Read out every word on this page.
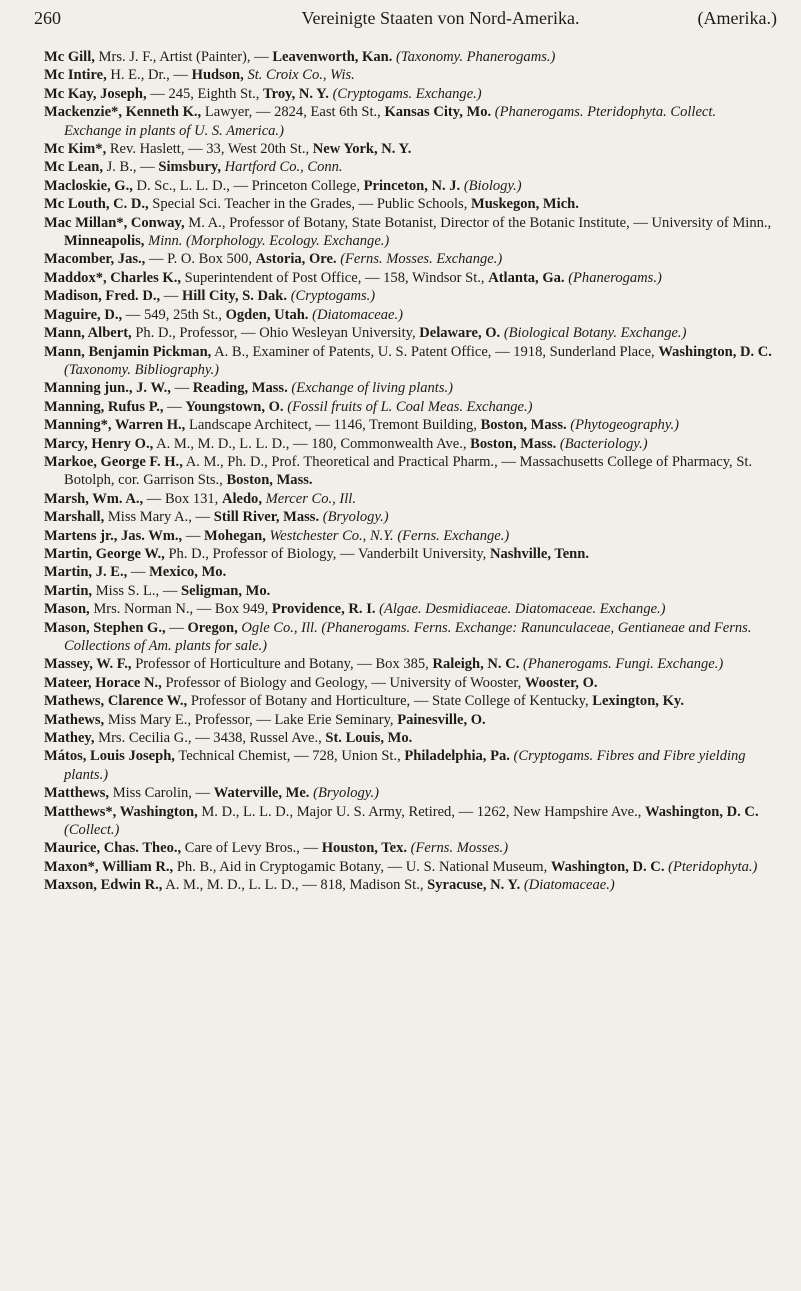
260	Vereinigte Staaten von Nord-Amerika.	(Amerika.)
Mc Gill, Mrs. J. F., Artist (Painter), — Leavenworth, Kan. (Taxonomy. Phanerogams.)
Mc Intire, H. E., Dr., — Hudson, St. Croix Co., Wis.
Mc Kay, Joseph, — 245, Eighth St., Troy, N. Y. (Cryptogams. Exchange.)
Mackenzie*, Kenneth K., Lawyer, — 2824, East 6th St., Kansas City, Mo. (Phanerogams. Pteridophyta. Collect. Exchange in plants of U. S. America.)
Mc Kim*, Rev. Haslett, — 33, West 20th St., New York, N. Y.
Mc Lean, J. B., — Simsbury, Hartford Co., Conn.
Macloskie, G., D. Sc., L. L. D., — Princeton College, Princeton, N. J. (Biology.)
Mc Louth, C. D., Special Sci. Teacher in the Grades, — Public Schools, Muskegon, Mich.
Mac Millan*, Conway, M. A., Professor of Botany, State Botanist, Director of the Botanic Institute, — University of Minn., Minneapolis, Minn. (Morphology. Ecology. Exchange.)
Macomber, Jas., — P. O. Box 500, Astoria, Ore. (Ferns. Mosses. Exchange.)
Maddox*, Charles K., Superintendent of Post Office, — 158, Windsor St., Atlanta, Ga. (Phanerogams.)
Madison, Fred. D., — Hill City, S. Dak. (Cryptogams.)
Maguire, D., — 549, 25th St., Ogden, Utah. (Diatomaceae.)
Mann, Albert, Ph. D., Professor, — Ohio Wesleyan University, Delaware, O. (Biological Botany. Exchange.)
Mann, Benjamin Pickman, A. B., Examiner of Patents, U. S. Patent Office, — 1918, Sunderland Place, Washington, D. C. (Taxonomy. Bibliography.)
Manning jun., J. W., — Reading, Mass. (Exchange of living plants.)
Manning, Rufus P., — Youngstown, O. (Fossil fruits of L. Coal Meas. Exchange.)
Manning*, Warren H., Landscape Architect, — 1146, Tremont Building, Boston, Mass. (Phytogeography.)
Marcy, Henry O., A. M., M. D., L. L. D., — 180, Commonwealth Ave., Boston, Mass. (Bacteriology.)
Markoe, George F. H., A. M., Ph. D., Prof. Theoretical and Practical Pharm., — Massachusetts College of Pharmacy, St. Botolph, cor. Garrison Sts., Boston, Mass.
Marsh, Wm. A., — Box 131, Aledo, Mercer Co., Ill.
Marshall, Miss Mary A., — Still River, Mass. (Bryology.)
Martens jr., Jas. Wm., — Mohegan, Westchester Co., N.Y. (Ferns. Exchange.)
Martin, George W., Ph. D., Professor of Biology, — Vanderbilt University, Nashville, Tenn.
Martin, J. E., — Mexico, Mo.
Martin, Miss S. L., — Seligman, Mo.
Mason, Mrs. Norman N., — Box 949, Providence, R. I. (Algae. Desmidiaceae. Diatomaceae. Exchange.)
Mason, Stephen G., — Oregon, Ogle Co., Ill. (Phanerogams. Ferns. Exchange: Ranunculaceae, Gentianeae and Ferns. Collections of Am. plants for sale.)
Massey, W. F., Professor of Horticulture and Botany, — Box 385, Raleigh, N. C. (Phanerogams. Fungi. Exchange.)
Mateer, Horace N., Professor of Biology and Geology, — University of Wooster, Wooster, O.
Mathews, Clarence W., Professor of Botany and Horticulture, — State College of Kentucky, Lexington, Ky.
Mathews, Miss Mary E., Professor, — Lake Erie Seminary, Painesville, O.
Mathey, Mrs. Cecilia G., — 3438, Russel Ave., St. Louis, Mo.
Mátos, Louis Joseph, Technical Chemist, — 728, Union St., Philadelphia, Pa. (Cryptogams. Fibres and Fibre yielding plants.)
Matthews, Miss Carolin, — Waterville, Me. (Bryology.)
Matthews*, Washington, M. D., L. L. D., Major U. S. Army, Retired, — 1262, New Hampshire Ave., Washington, D. C. (Collect.)
Maurice, Chas. Theo., Care of Levy Bros., — Houston, Tex. (Ferns. Mosses.)
Maxon*, William R., Ph. B., Aid in Cryptogamic Botany, — U. S. National Museum, Washington, D. C. (Pteridophyta.)
Maxson, Edwin R., A. M., M. D., L. L. D., — 818, Madison St., Syracuse, N. Y. (Diatomaceae.)
